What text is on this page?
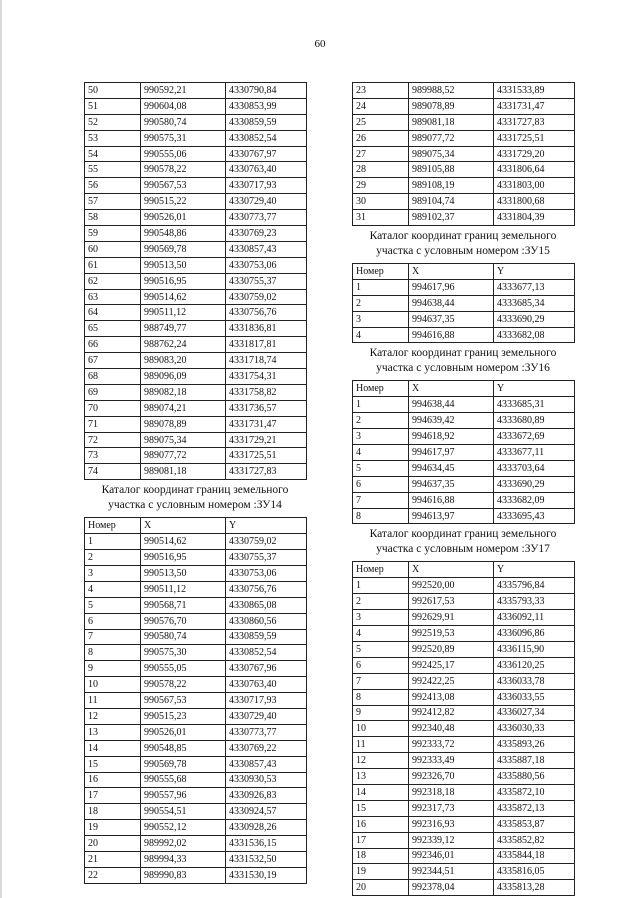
60
50	990592,21	4330790,84
51	990604,08	4330853,99
52	990580,74	4330859,59
53	990575,31	4330852,54
54	990555,06	4330767,97
55	990578,22	4330763,40
56	990567,53	4330717,93
57	990515,22	4330729,40
58	990526,01	4330773,77
59	990548,86	4330769,23
60	990569,78	4330857,43
61	990513,50	4330753,06
62	990516,95	4330755,37
63	990514,62	4330759,02
64	990511,12	4330756,76
65	988749,77	4331836,81
66	988762,24	4331817,81
67	989083,20	4331718,74
68	989096,09	4331754,31
69	989082,18	4331758,82
70	989074,21	4331736,57
71	989078,89	4331731,47
72	989075,34	4331729,21
73	989077,72	4331725,51
74	989081,18	4331727,83
Каталог координат границ земельного участка с условным номером :ЗУ14
Номер	X	Y
1	990514,62	4330759,02
2	990516,95	4330755,37
3	990513,50	4330753,06
4	990511,12	4330756,76
5	990568,71	4330865,08
6	990576,70	4330860,56
7	990580,74	4330859,59
8	990575,30	4330852,54
9	990555,05	4330767,96
10	990578,22	4330763,40
11	990567,53	4330717,93
12	990515,23	4330729,40
13	990526,01	4330773,77
14	990548,85	4330769,22
15	990569,78	4330857,43
16	990555,68	4330930,53
17	990557,96	4330926,83
18	990554,51	4330924,57
19	990552,12	4330928,26
20	989992,02	4331536,15
21	989994,33	4331532,50
22	989990,83	4331530,19
23	989988,52	4331533,89
24	989078,89	4331731,47
25	989081,18	4331727,83
26	989077,72	4331725,51
27	989075,34	4331729,20
28	989105,88	4331806,64
29	989108,19	4331803,00
30	989104,74	4331800,68
31	989102,37	4331804,39
Каталог координат границ земельного участка с условным номером :ЗУ15
Номер	X	Y
1	994617,96	4333677,13
2	994638,44	4333685,34
3	994637,35	4333690,29
4	994616,88	4333682,08
Каталог координат границ земельного участка с условным номером :ЗУ16
Номер	X	Y
1	994638,44	4333685,31
2	994639,42	4333680,89
3	994618,92	4333672,69
4	994617,97	4333677,11
5	994634,45	4333703,64
6	994637,35	4333690,29
7	994616,88	4333682,09
8	994613,97	4333695,43
Каталог координат границ земельного участка с условным номером :ЗУ17
Номер	X	Y
1	992520,00	4335796,84
2	992617,53	4335793,33
3	992629,91	4336092,11
4	992519,53	4336096,86
5	992520,89	4336115,90
6	992425,17	4336120,25
7	992422,25	4336033,78
8	992413,08	4336033,55
9	992412,82	4336027,34
10	992340,48	4336030,33
11	992333,72	4335893,26
12	992333,49	4335887,18
13	992326,70	4335880,56
14	992318,18	4335872,10
15	992317,73	4335872,13
16	992316,93	4335853,87
17	992339,12	4335852,82
18	992346,01	4335844,18
19	992344,51	4335816,05
20	992378,04	4335813,28
